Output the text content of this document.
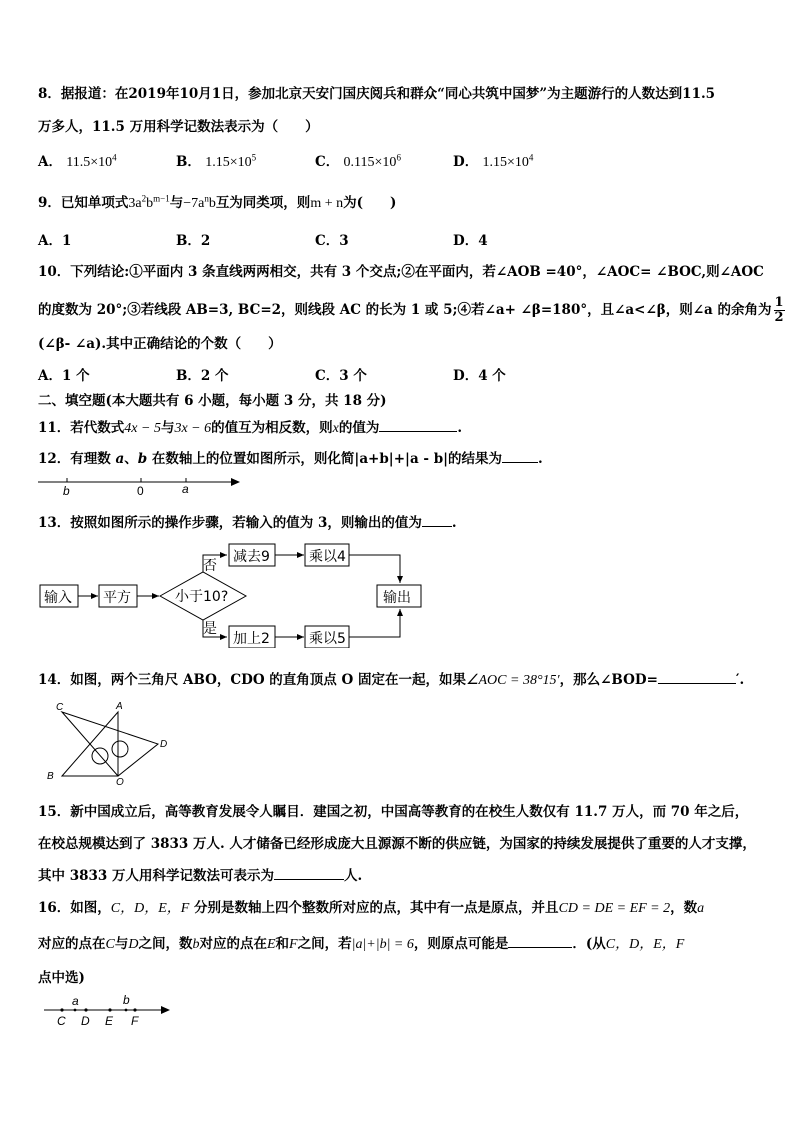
8．据报道：在2019年10月1日，参加北京天安门国庆阅兵和群众“同心共筑中国梦”为主题游行的人数达到11.5
万多人，11.5 万用科学记数法表示为（　　）
A． $11.5\times 10^4$	B． $1.15\times 10^5$	C． $0.115\times 10^6$	D． $1.15\times 10^4$
9．已知单项式$3a^2b^{m-1}$与$-7a^nb$互为同类项，则m + n为(　　)
A．1	B．2	C．3	D．4
10．下列结论:①平面内 3 条直线两两相交，共有 3 个交点;②在平面内，若∠AOB =40°，∠AOC= ∠BOC,则∠AOC
的度数为 20°;③若线段 AB=3, BC=2，则线段 AC 的长为 1 或 5;④若∠a+ ∠β=180°，且∠a<∠β，则∠a 的余角为 $\frac{1}{2}$
(∠β- ∠a).其中正确结论的个数（　　）
A．1 个	B．2 个	C．3 个	D．4 个
二、填空题(本大题共有 6 小题，每小题 3 分，共 18 分)
11．若代数式4x − 5与3x − 6的值互为相反数，则x的值为	.
12．有理数 a、b 在数轴上的位置如图所示，则化简|a+b|+|a - b|的结果为	.
b	0	a
13．按照如图所示的操作步骤，若输入的值为 3，则输出的值为 .
输入 平方	小于10?
否
减去9	乘以4
是
加上2	乘以5
输出
14．如图，两个三角尺 ABO，CDO 的直角顶点 O 固定在一起，如果∠AOC = 38°15′，那么∠BOD=	′.
C	A
D
B
O
15．新中国成立后，高等教育发展令人瞩目．建国之初，中国高等教育的在校生人数仅有 11.7 万人，而 70 年之后，
在校总规模达到了 3833 万人. 人才储备已经形成庞大且源源不断的供应链，为国家的持续发展提供了重要的人才支撑，
其中 3833 万人用科学记数法可表示为	人.
16．如图，C，D，E，F 分别是数轴上四个整数所对应的点，其中有一点是原点，并且CD = DE = EF = 2，数a
对应的点在C与D之间，数b对应的点在E和F之间，若|a|+|b| = 6，则原点可能是	．(从C，D，E，F
点中选)
a	b
C D E F
